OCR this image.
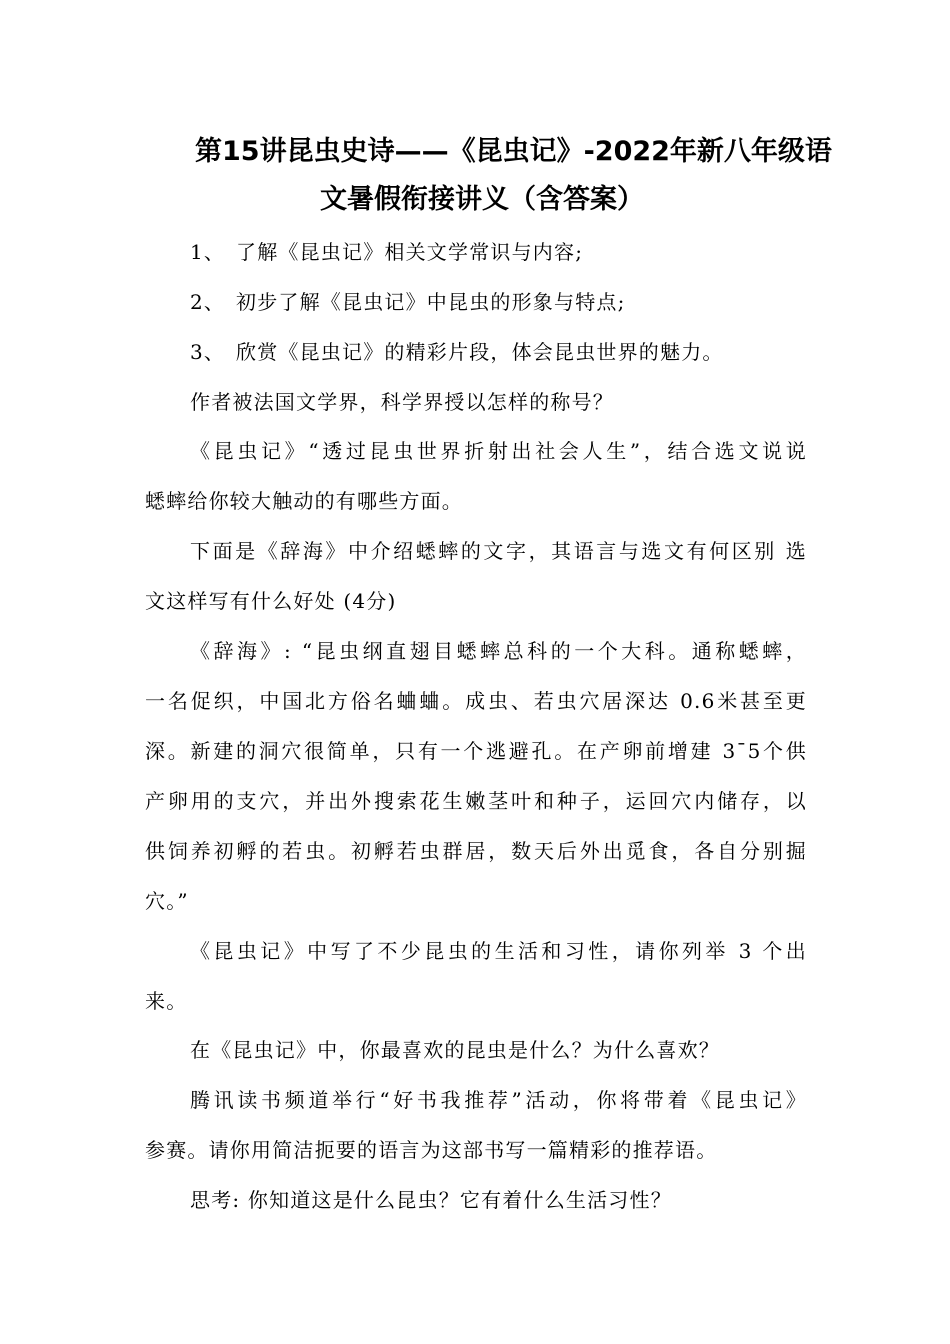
第15讲昆虫史诗——《昆虫记》-2022年新八年级语
文暑假衔接讲义（含答案）
1、 了解《昆虫记》相关文学常识与内容;
2、 初步了解《昆虫记》中昆虫的形象与特点;
3、 欣赏《昆虫记》的精彩片段，体会昆虫世界的魅力。
作者被法国文学界，科学界授以怎样的称号？
《昆虫记》“透过昆虫世界折射出社会人生”，结合选文说说
蟋蟀给你较大触动的有哪些方面。
下面是《辞海》中介绍蟋蟀的文字，其语言与选文有何区别 选
文这样写有什么好处 (4分)
《辞海》: “昆虫纲直翅目蟋蟀总科的一个大科。通称蟋蟀，
一名促织，中国北方俗名蛐蛐。成虫、若虫穴居深达 0.6米甚至更
深。新建的洞穴很简单，只有一个逃避孔。在产卵前增建 3¯5个供
产卵用的支穴，并出外搜索花生嫩茎叶和种子，运回穴内储存，以
供饲养初孵的若虫。初孵若虫群居，数天后外出觅食，各自分别掘
穴。”
《昆虫记》中写了不少昆虫的生活和习性，请你列举 3 个出
来。
在《昆虫记》中，你最喜欢的昆虫是什么？为什么喜欢？
腾讯读书频道举行“好书我推荐”活动，你将带着《昆虫记》
参赛。请你用简洁扼要的语言为这部书写一篇精彩的推荐语。
思考: 你知道这是什么昆虫？它有着什么生活习性？
